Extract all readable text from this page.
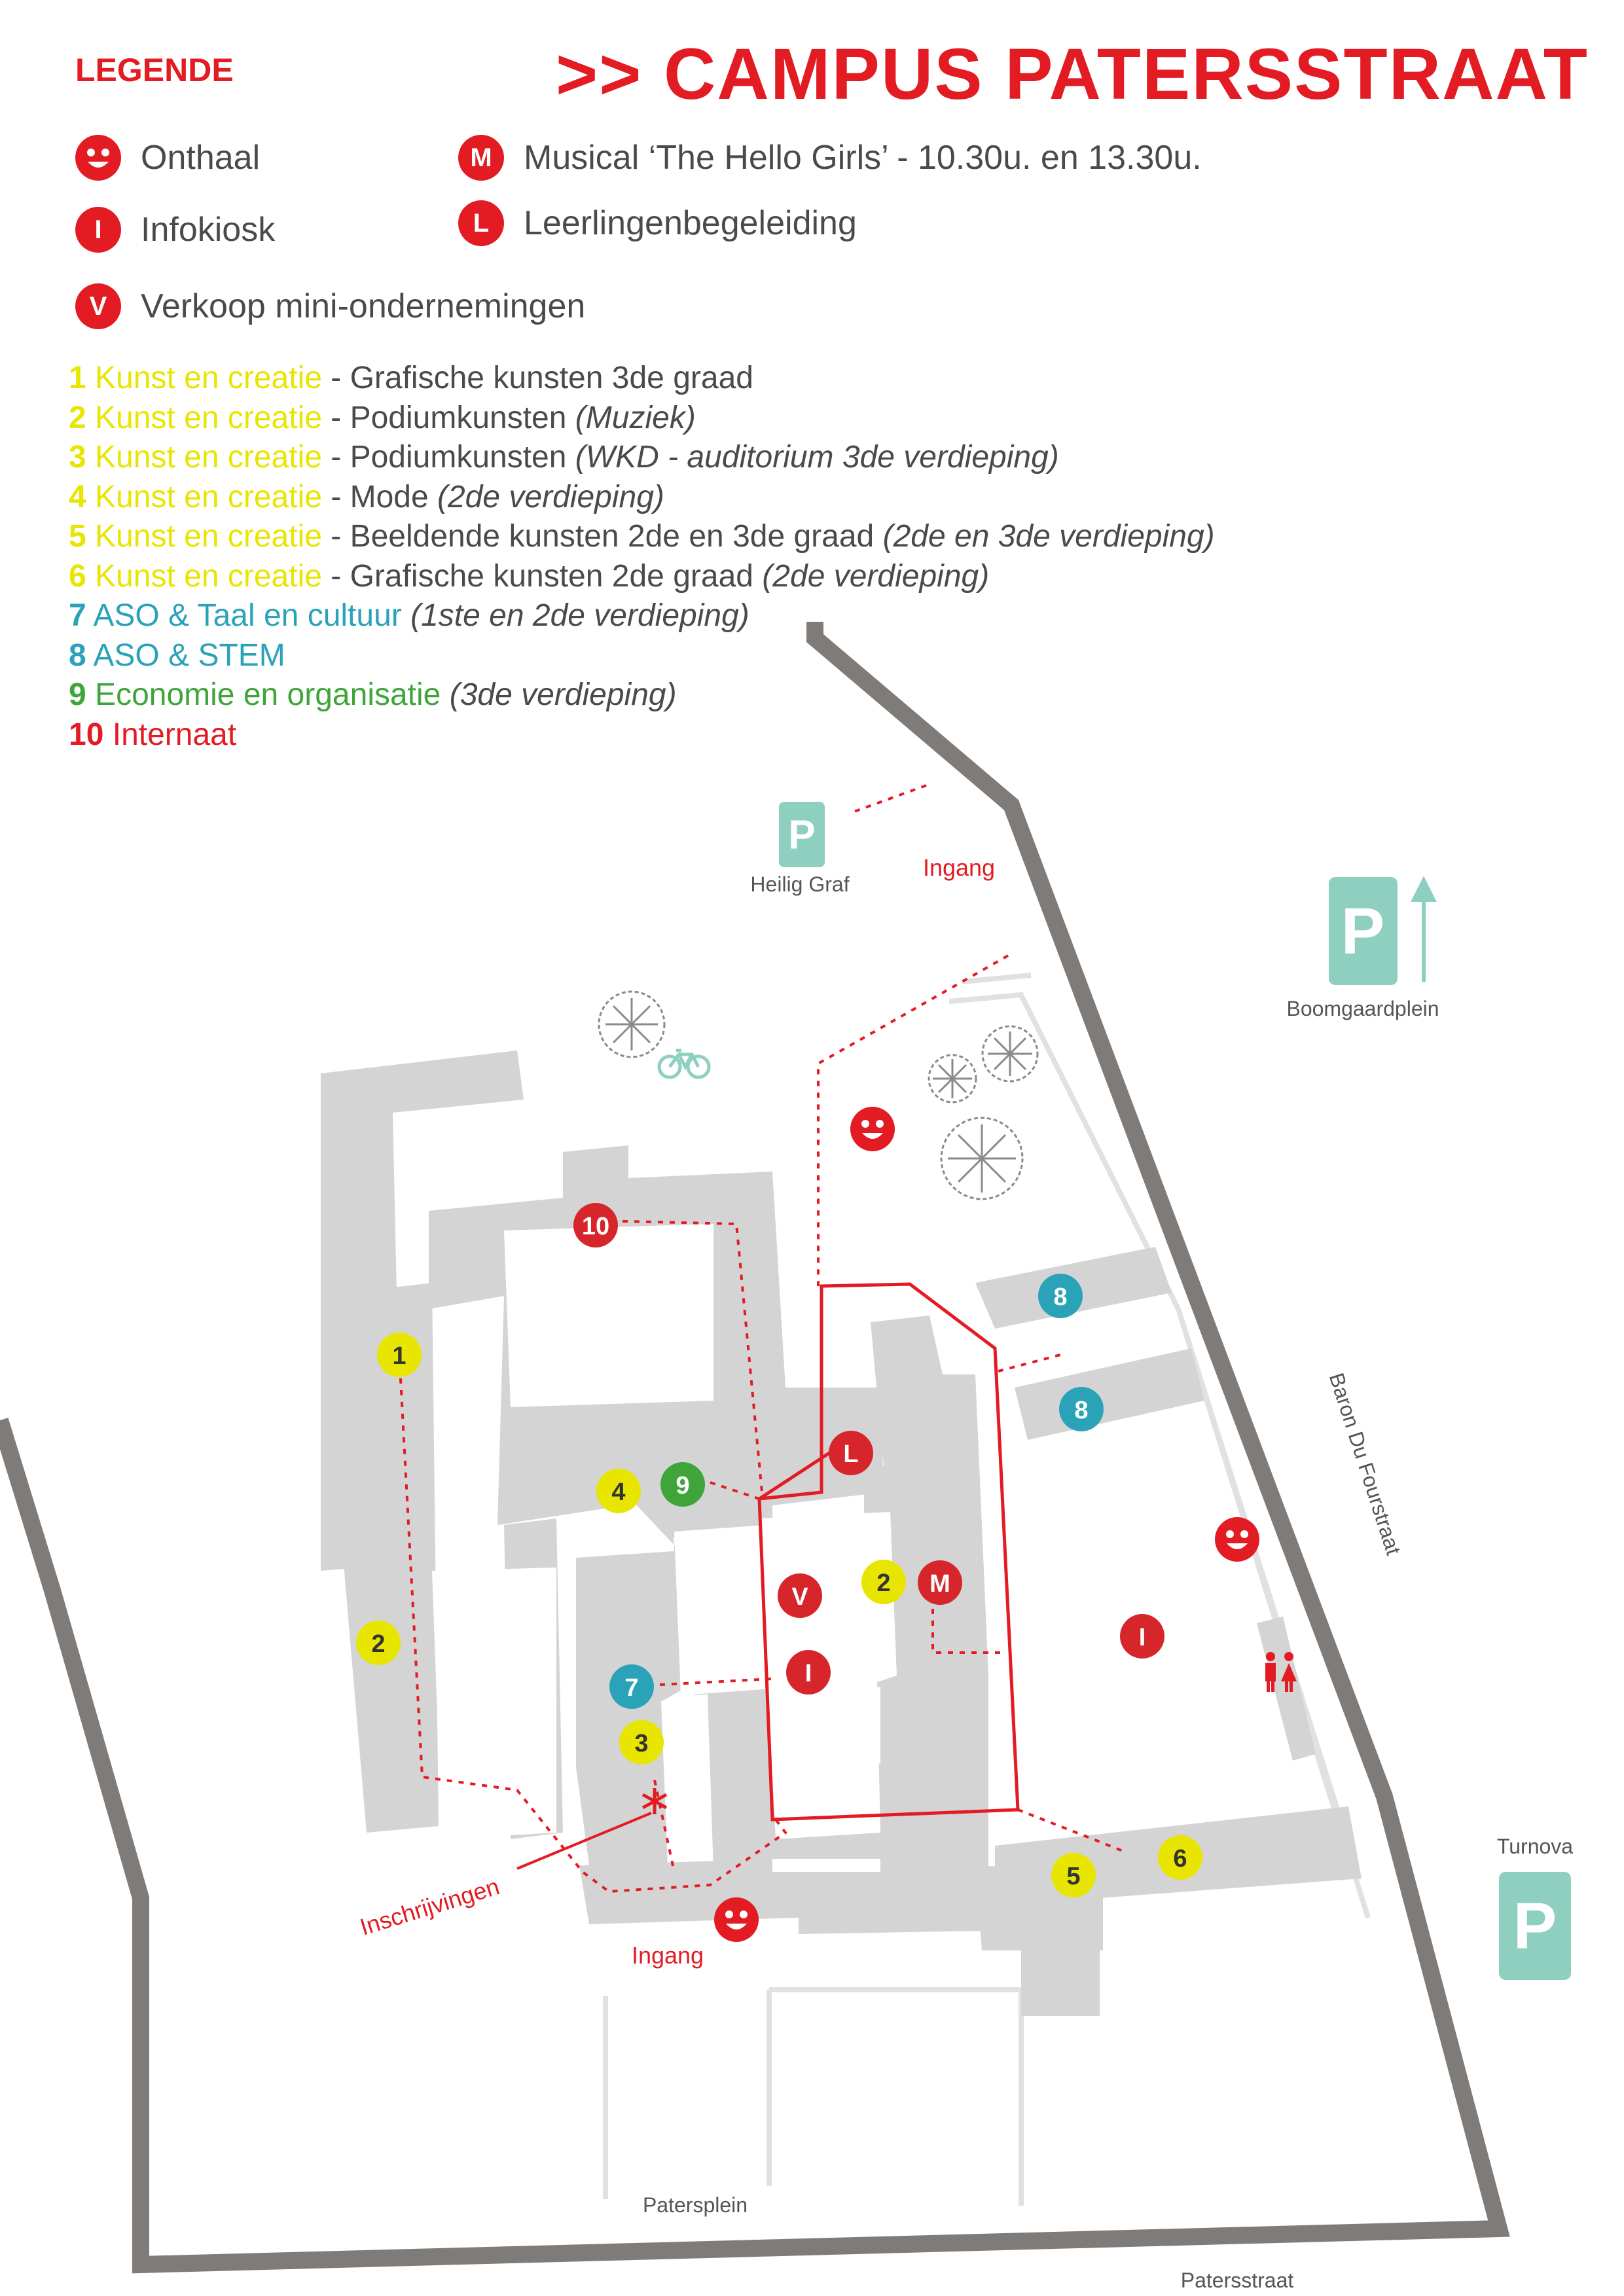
P
P
P
Heilig Graf
Ingang
Boomgaardplein
Turnova
Ingang
Inschrijvingen
Patersplein
Patersstraat
Baron Du Fourstraat
10
1
4 9
L
2
V	2 M
7
I
3
I
8
8
5
6
LEGENDE	>> CAMPUS PATERSSTRAAT
Onthaal
I	Infokiosk
V Verkoop mini-ondernemingen
M Musical ‘The Hello Girls’ - 10.30u. en 13.30u.
L	Leerlingenbegeleiding
1 Kunst en creatie - Grafische kunsten 3de graad
2 Kunst en creatie - Podiumkunsten (Muziek)
3 Kunst en creatie - Podiumkunsten (WKD - auditorium 3de verdieping)
4 Kunst en creatie - Mode (2de verdieping)
5 Kunst en creatie - Beeldende kunsten 2de en 3de graad (2de en 3de verdieping)
6 Kunst en creatie - Grafische kunsten 2de graad (2de verdieping)
7 ASO & Taal en cultuur (1ste en 2de verdieping)
8 ASO & STEM
9 Economie en organisatie (3de verdieping)
10 Internaat
